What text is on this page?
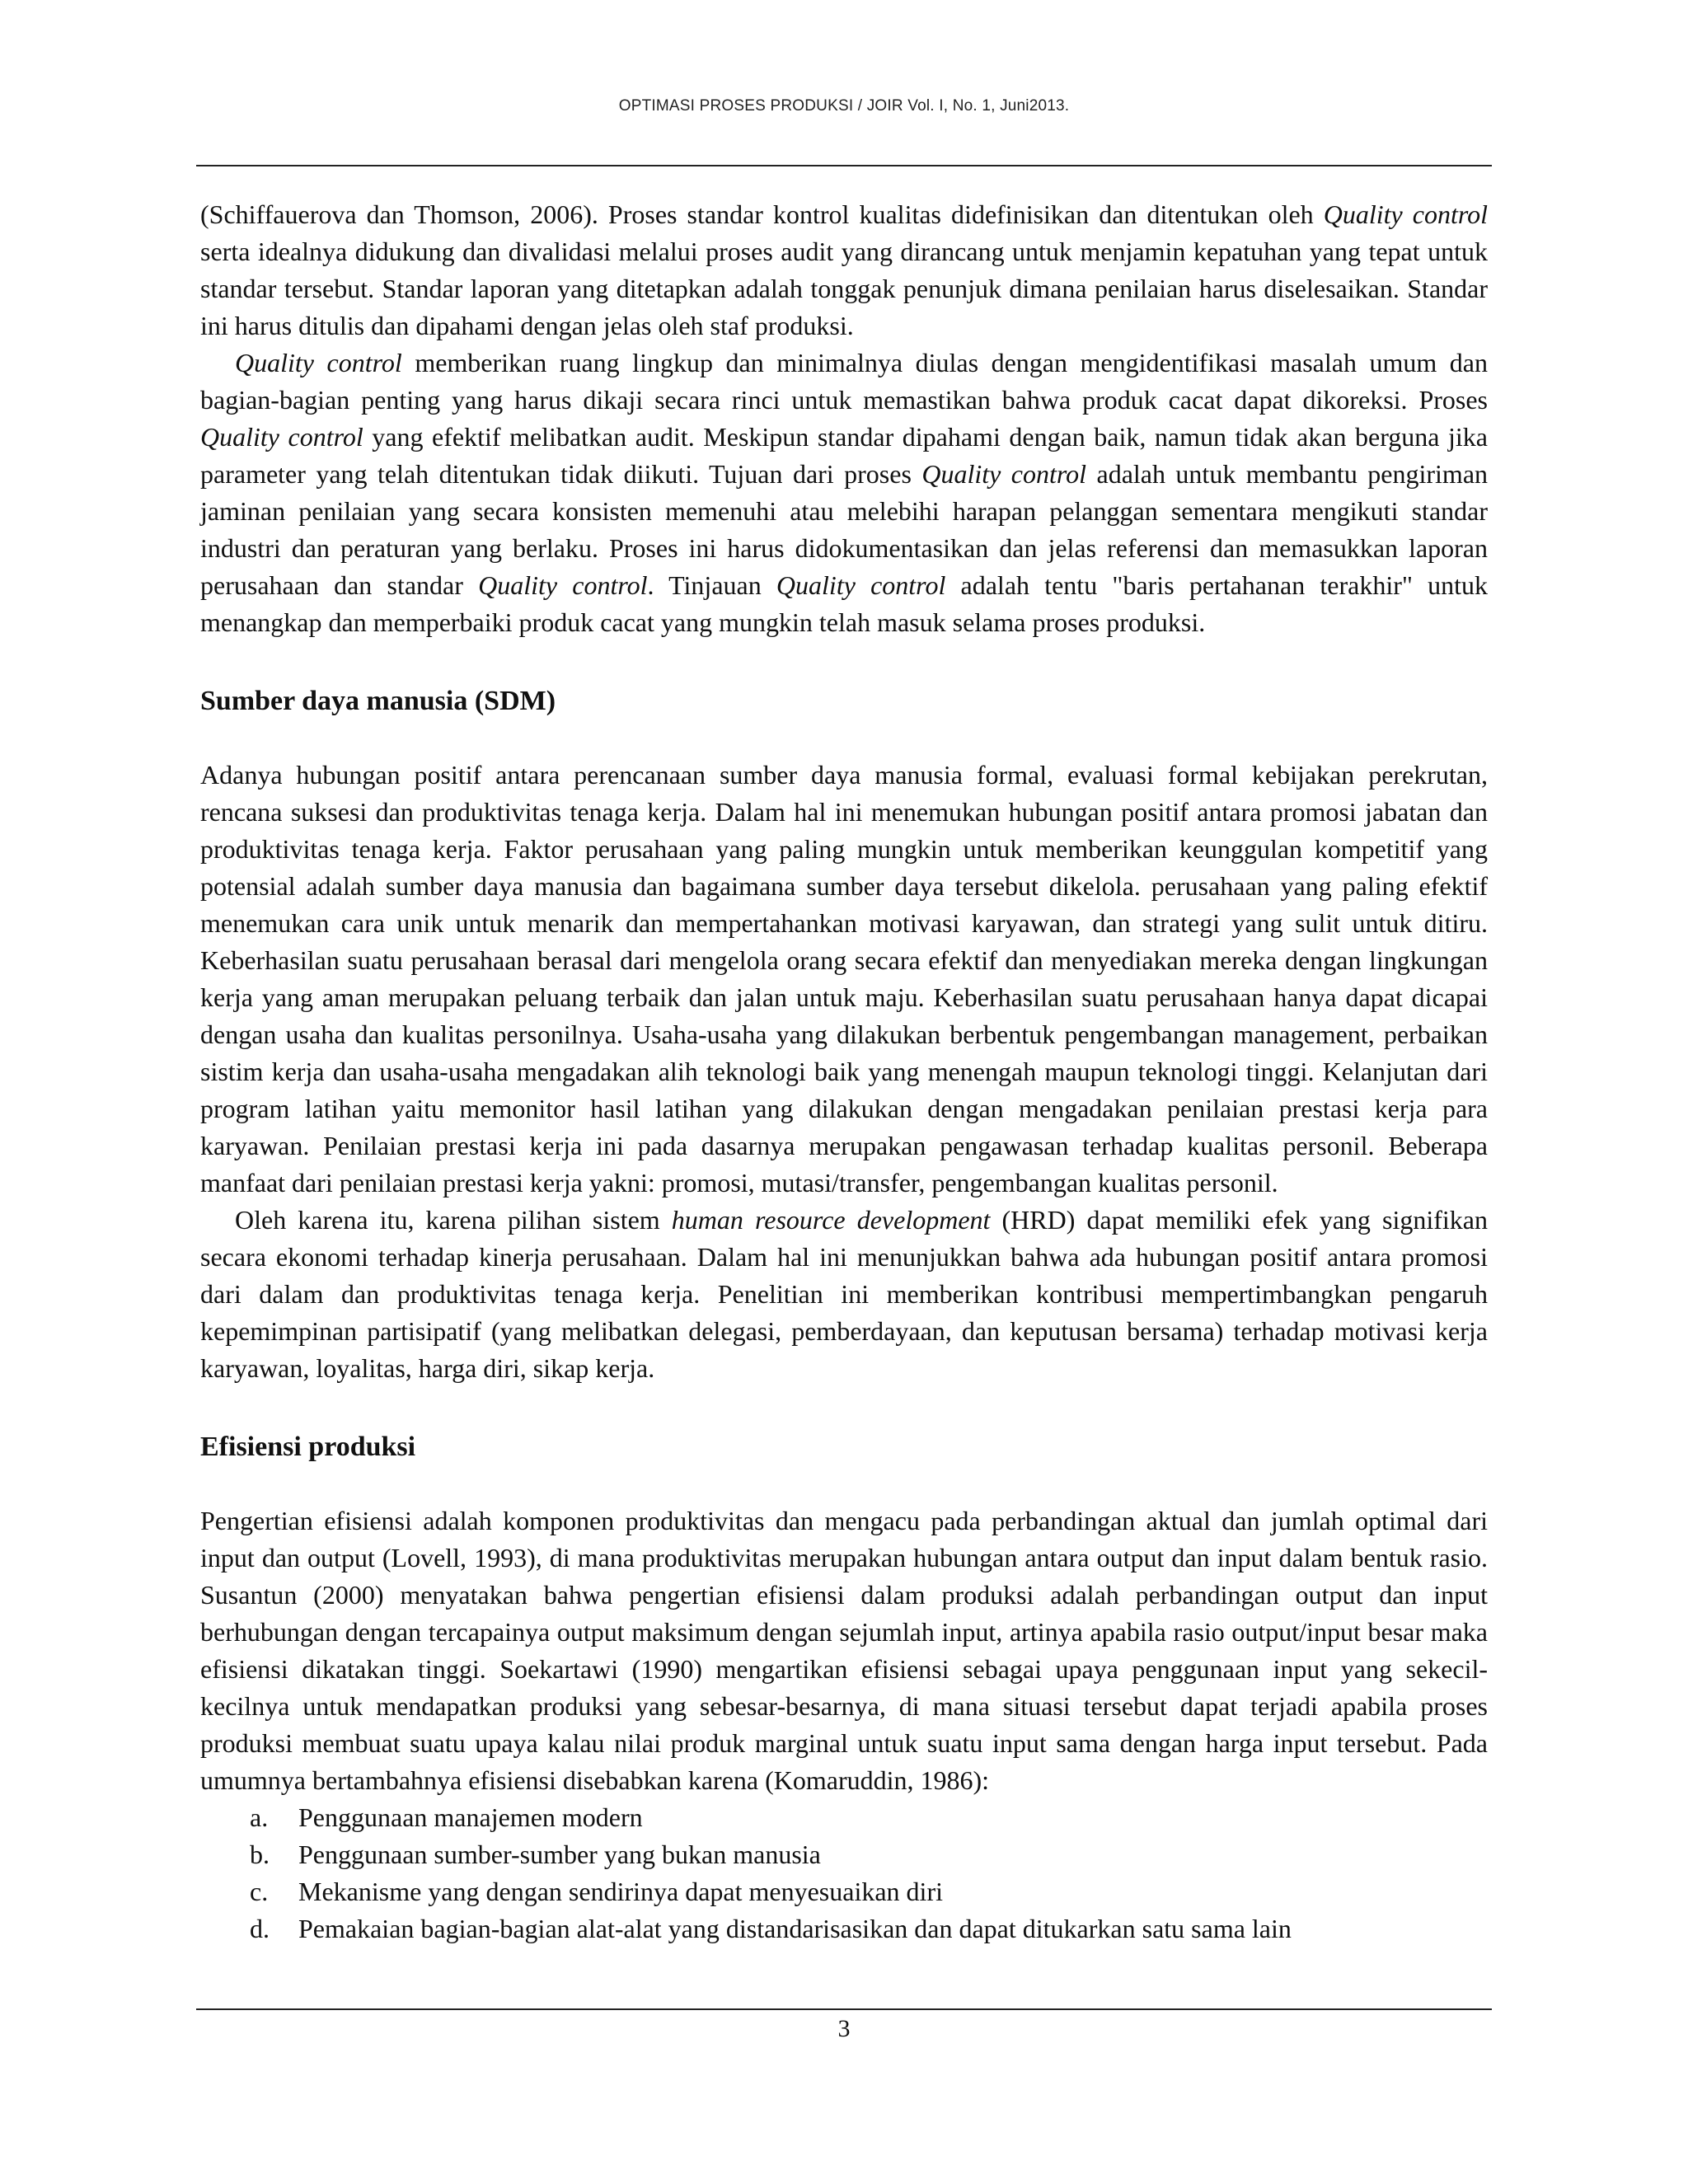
OPTIMASI PROSES PRODUKSI / JOIR Vol. I, No. 1, Juni2013.

(Schiffauerova dan Thomson, 2006). Proses standar kontrol kualitas didefinisikan dan ditentukan oleh Quality control serta idealnya didukung dan divalidasi melalui proses audit yang dirancang untuk menjamin kepatuhan yang tepat untuk standar tersebut. Standar laporan yang ditetapkan adalah tonggak penunjuk dimana penilaian harus diselesaikan. Standar ini harus ditulis dan dipahami dengan jelas oleh staf produksi.

Quality control memberikan ruang lingkup dan minimalnya diulas dengan mengidentifikasi masalah umum dan bagian-bagian penting yang harus dikaji secara rinci untuk memastikan bahwa produk cacat dapat dikoreksi. Proses Quality control yang efektif melibatkan audit. Meskipun standar dipahami dengan baik, namun tidak akan berguna jika parameter yang telah ditentukan tidak diikuti. Tujuan dari proses Quality control adalah untuk membantu pengiriman jaminan penilaian yang secara konsisten memenuhi atau melebihi harapan pelanggan sementara mengikuti standar industri dan peraturan yang berlaku. Proses ini harus didokumentasikan dan jelas referensi dan memasukkan laporan perusahaan dan standar Quality control. Tinjauan Quality control adalah tentu "baris pertahanan terakhir" untuk menangkap dan memperbaiki produk cacat yang mungkin telah masuk selama proses produksi.

Sumber daya manusia (SDM)

Adanya hubungan positif antara perencanaan sumber daya manusia formal, evaluasi formal kebijakan perekrutan, rencana suksesi dan produktivitas tenaga kerja. Dalam hal ini menemukan hubungan positif antara promosi jabatan dan produktivitas tenaga kerja. Faktor perusahaan yang paling mungkin untuk memberikan keunggulan kompetitif yang potensial adalah sumber daya manusia dan bagaimana sumber daya tersebut dikelola. perusahaan yang paling efektif menemukan cara unik untuk menarik dan mempertahankan motivasi karyawan, dan strategi yang sulit untuk ditiru. Keberhasilan suatu perusahaan berasal dari mengelola orang secara efektif dan menyediakan mereka dengan lingkungan kerja yang aman merupakan peluang terbaik dan jalan untuk maju. Keberhasilan suatu perusahaan hanya dapat dicapai dengan usaha dan kualitas personilnya. Usaha-usaha yang dilakukan berbentuk pengembangan management, perbaikan sistim kerja dan usaha-usaha mengadakan alih teknologi baik yang menengah maupun teknologi tinggi. Kelanjutan dari program latihan yaitu memonitor hasil latihan yang dilakukan dengan mengadakan penilaian prestasi kerja para karyawan. Penilaian prestasi kerja ini pada dasarnya merupakan pengawasan terhadap kualitas personil. Beberapa manfaat dari penilaian prestasi kerja yakni: promosi, mutasi/transfer, pengembangan kualitas personil.

Oleh karena itu, karena pilihan sistem human resource development (HRD) dapat memiliki efek yang signifikan secara ekonomi terhadap kinerja perusahaan. Dalam hal ini menunjukkan bahwa ada hubungan positif antara promosi dari dalam dan produktivitas tenaga kerja. Penelitian ini memberikan kontribusi mempertimbangkan pengaruh kepemimpinan partisipatif (yang melibatkan delegasi, pemberdayaan, dan keputusan bersama) terhadap motivasi kerja karyawan, loyalitas, harga diri, sikap kerja.

Efisiensi produksi

Pengertian efisiensi adalah komponen produktivitas dan mengacu pada perbandingan aktual dan jumlah optimal dari input dan output (Lovell, 1993), di mana produktivitas merupakan hubungan antara output dan input dalam bentuk rasio. Susantun (2000) menyatakan bahwa pengertian efisiensi dalam produksi adalah perbandingan output dan input berhubungan dengan tercapainya output maksimum dengan sejumlah input, artinya apabila rasio output/input besar maka efisiensi dikatakan tinggi. Soekartawi (1990) mengartikan efisiensi sebagai upaya penggunaan input yang sekecil-kecilnya untuk mendapatkan produksi yang sebesar-besarnya, di mana situasi tersebut dapat terjadi apabila proses produksi membuat suatu upaya kalau nilai produk marginal untuk suatu input sama dengan harga input tersebut. Pada umumnya bertambahnya efisiensi disebabkan karena (Komaruddin, 1986):

a. Penggunaan manajemen modern
b. Penggunaan sumber-sumber yang bukan manusia
c. Mekanisme yang dengan sendirinya dapat menyesuaikan diri
d. Pemakaian bagian-bagian alat-alat yang distandarisasikan dan dapat ditukarkan satu sama lain
3
